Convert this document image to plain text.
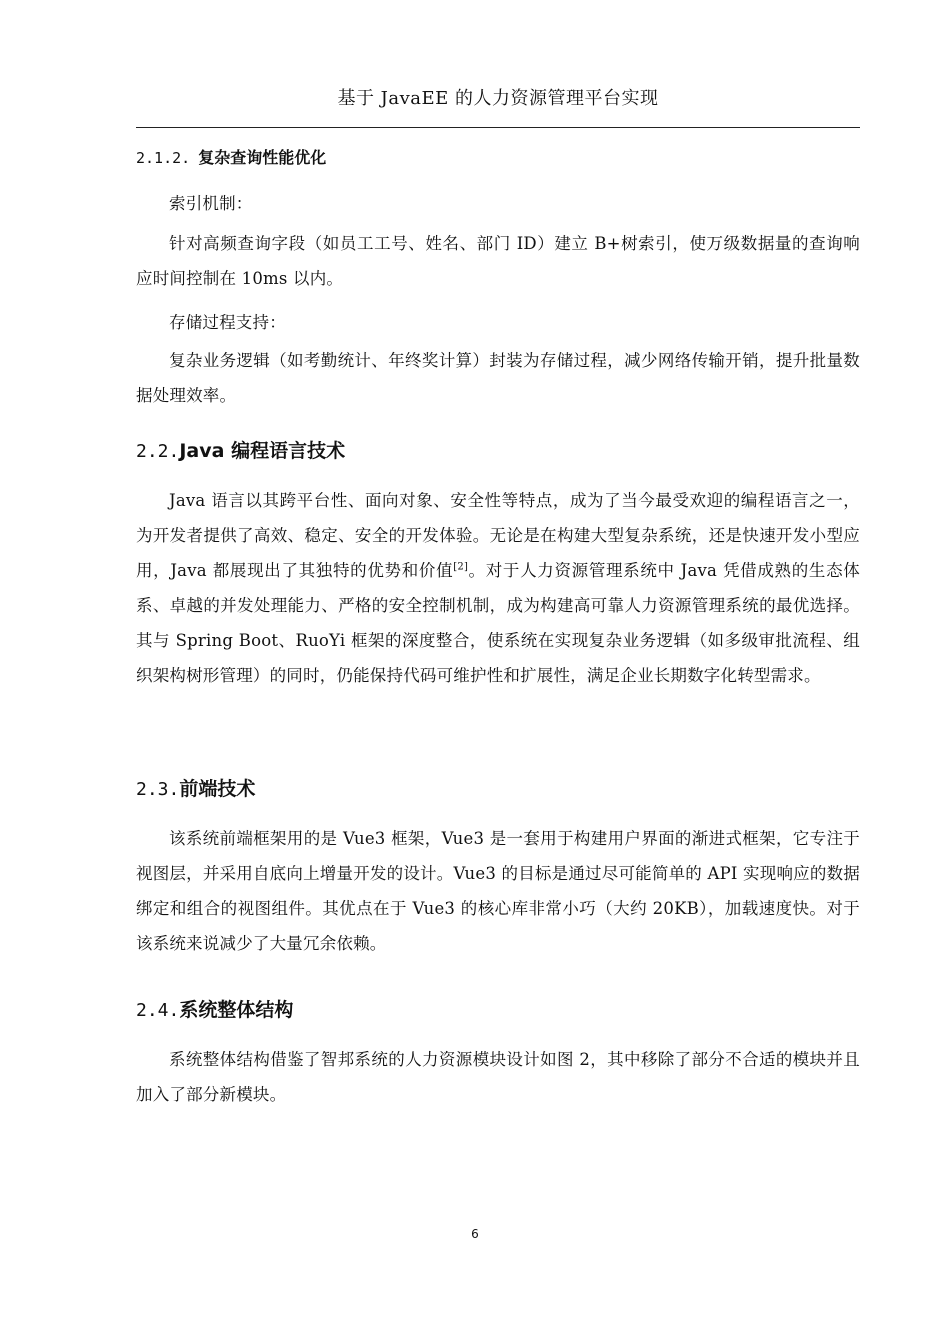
基于 JavaEE 的人力资源管理平台实现
2.1.2. 复杂查询性能优化

索引机制：

针对高频查询字段（如员工工号、姓名、部门 ID）建立 B+树索引，使万级数据量的查询响应时间控制在 10ms 以内。

存储过程支持：

复杂业务逻辑（如考勤统计、年终奖计算）封装为存储过程，减少网络传输开销，提升批量数据处理效率。

2.2.Java 编程语言技术

Java 语言以其跨平台性、面向对象、安全性等特点，成为了当今最受欢迎的编程语言之一，为开发者提供了高效、稳定、安全的开发体验。无论是在构建大型复杂系统，还是快速开发小型应用，Java 都展现出了其独特的优势和价值[2]。对于人力资源管理系统中 Java 凭借成熟的生态体系、卓越的并发处理能力、严格的安全控制机制，成为构建高可靠人力资源管理系统的最优选择。其与 Spring Boot、RuoYi 框架的深度整合，使系统在实现复杂业务逻辑（如多级审批流程、组织架构树形管理）的同时，仍能保持代码可维护性和扩展性，满足企业长期数字化转型需求。

2.3.前端技术

该系统前端框架用的是 Vue3 框架，Vue3 是一套用于构建用户界面的渐进式框架，它专注于视图层，并采用自底向上增量开发的设计。Vue3 的目标是通过尽可能简单的 API 实现响应的数据绑定和组合的视图组件。其优点在于 Vue3 的核心库非常小巧（大约 20KB），加载速度快。对于该系统来说减少了大量冗余依赖。

2.4.系统整体结构

系统整体结构借鉴了智邦系统的人力资源模块设计如图 2，其中移除了部分不合适的模块并且加入了部分新模块。

6
